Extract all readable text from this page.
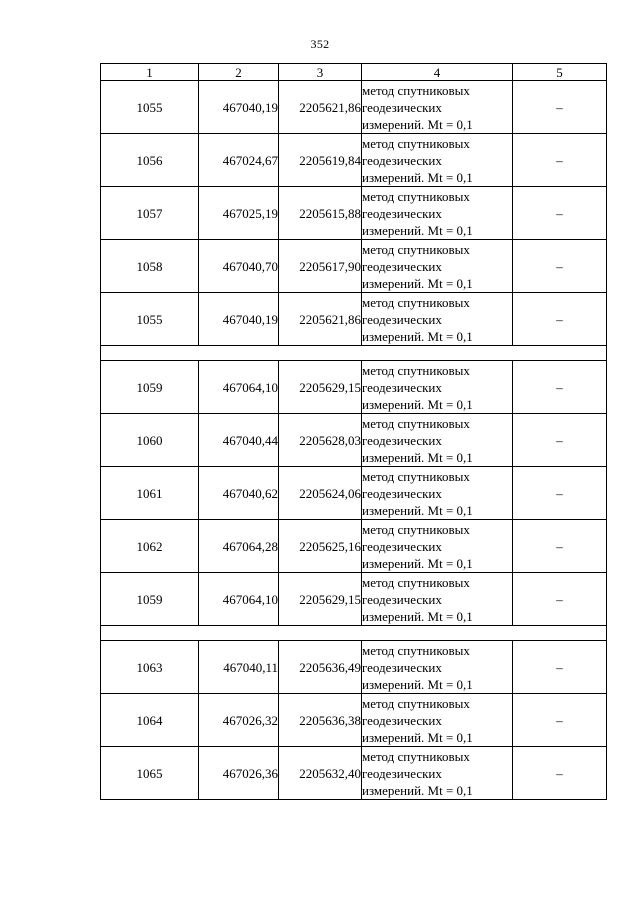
352
1	2	3	4	5
1055	467040,19	2205621,86	метод спутниковых
геодезических
измерений. Mt = 0,1	–
1056	467024,67	2205619,84	метод спутниковых
геодезических
измерений. Mt = 0,1	–
1057	467025,19	2205615,88	метод спутниковых
геодезических
измерений. Mt = 0,1	–
1058	467040,70	2205617,90	метод спутниковых
геодезических
измерений. Mt = 0,1	–
1055	467040,19	2205621,86	метод спутниковых
геодезических
измерений. Mt = 0,1	–

1059	467064,10	2205629,15	метод спутниковых
геодезических
измерений. Mt = 0,1	–
1060	467040,44	2205628,03	метод спутниковых
геодезических
измерений. Mt = 0,1	–
1061	467040,62	2205624,06	метод спутниковых
геодезических
измерений. Mt = 0,1	–
1062	467064,28	2205625,16	метод спутниковых
геодезических
измерений. Mt = 0,1	–
1059	467064,10	2205629,15	метод спутниковых
геодезических
измерений. Mt = 0,1	–

1063	467040,11	2205636,49	метод спутниковых
геодезических
измерений. Mt = 0,1	–
1064	467026,32	2205636,38	метод спутниковых
геодезических
измерений. Mt = 0,1	–
1065	467026,36	2205632,40	метод спутниковых
геодезических
измерений. Mt = 0,1	–
